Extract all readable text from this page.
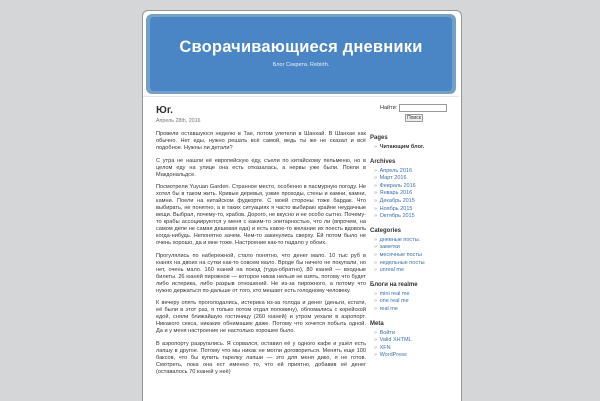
Сворачивающиеся дневники
Блог Секрета. Rebirth.
Юг.
Апрель 28th, 2016

Провели оставшуюся неделю в Тае, потом улетели в Шанхай. В Шанхае как обычно. Нет еды, нужно решать всё самой, ведь ты же не сказал и всё подобное. Нужны ли детали?

С утра не нашли её европейскую еду, съели по китайскому пельменю, но в целом еду на улице она есть отказалась, а нервы уже были. Поели в Макдональдсе.

Посмотрели Yuyuan Garden. Странное место, особенно в пасмурную погоду. Не хотел бы в таком жить. Кривые деревья, узкие проходы, стены и камни, камни, камни. Поели на китайском фудкорте. С моей стороны тоже бардак. Что выбирать, не понятно, а в таких ситуациях я часто выбираю крайне неудачные вещи. Выбрал, почему-то, крабов. Дорого, не вкусно и не особо сытно. Почему-то крабы ассоциируются у меня с каким-то элитарностью, что ли (впрочем, на самом деле не самая дешевая еда) и есть какое-то желание их поесть вдоволь когда-нибудь. Непонятно зачем. Чем-то закинулись сверху. Ёй потом было не очень хорошо, да и мне тоже. Настроение как-то падало у обоих.

Прогулялись по набережной, стало понятно, что денег мало. 10 тыс руб в юанях на двоих на сутки как-то совсем мало. Вроде бы ничего не покупали, но нет, очень мало. 160 юаней на поезд (туда-обратно), 80 юаней — входные билеты. 26 юаней пирожное — которое никак нельзя не взять, потому что будет либо истерика, либо разрыв отношений. Не из-за пирожного, а потому что нужно держаться по-дальше от того, кто мешает есть голодному человеку.

К вечеру опять проголодались, истерика из-за голода и денег (деньги, кстати, её были в этот раз, я только потом отдал половину), обломались с корейской едой, сняли ближайшую гостиницу (260 юаней) и утром уехали в аэропорт. Никакого секса, никаких обнимашек даже. Потому что хочется побыть одной. Да и у меня настроение не настолько хорошее было.

В аэропорту разругались. Я сорвался, оставил её у одного кафе и ушёл есть лапшу в другое. Потому что мы никак не могли договориться. Менять еще 100 баксов, что бы купить тарелку лапши — это для меня дико, я не готов. Смотреть, пока она ест именно то, что ей приятно, добавив её денег (оставалось 70 юаней у неё)

Найти:
Поиск
Pages
» Читающим блог.
Archives
» Апрель 2016
» Март 2016
» Февраль 2016
» Январь 2016
» Декабрь 2015
» Ноябрь 2015
» Октябрь 2015
Categories
» дневные посты.
» заметки
» месячные посты
» недельные посты
» unreal me
Блоги на realme
» mini real me
» one real me
» real me
Meta
» Войти
» Valid XHTML
» XFN
» WordPress
